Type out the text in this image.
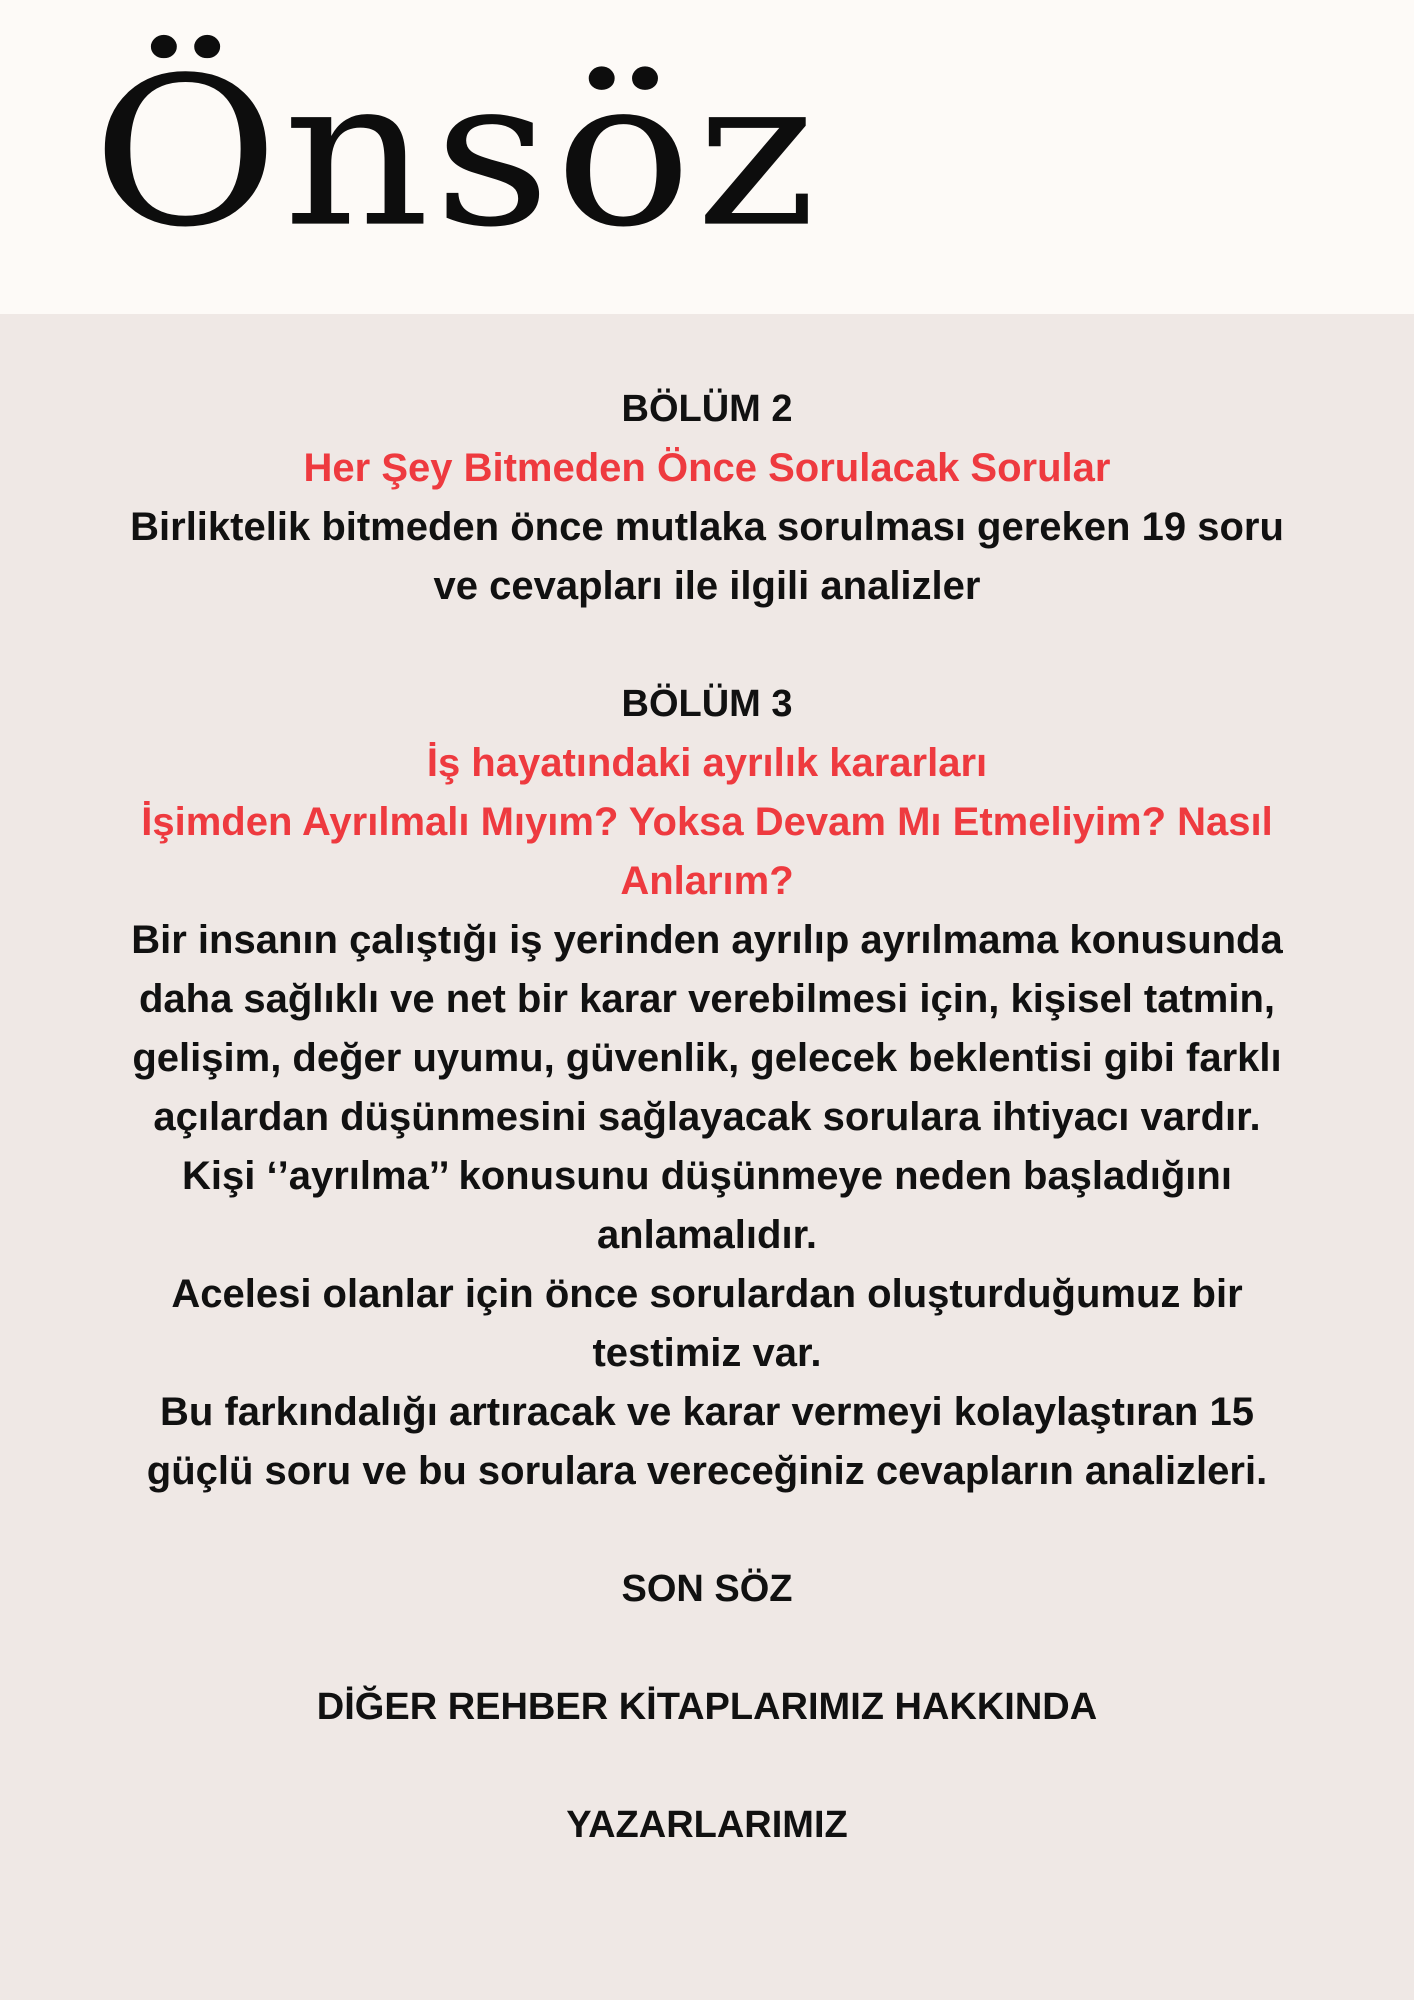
Önsöz

BÖLÜM 2

Her Şey Bitmeden Önce Sorulacak Sorular

Birliktelik bitmeden önce mutlaka sorulması gereken 19 soru

ve cevapları ile ilgili analizler

BÖLÜM 3

İş hayatındaki ayrılık kararları

İşimden Ayrılmalı Mıyım? Yoksa Devam Mı Etmeliyim? Nasıl

Anlarım?

Bir insanın çalıştığı iş yerinden ayrılıp ayrılmama konusunda

daha sağlıklı ve net bir karar verebilmesi için, kişisel tatmin,

gelişim, değer uyumu, güvenlik, gelecek beklentisi gibi farklı

açılardan düşünmesini sağlayacak sorulara ihtiyacı vardır.

Kişi ‘’ayrılma’’ konusunu düşünmeye neden başladığını

anlamalıdır.

Acelesi olanlar için önce sorulardan oluşturduğumuz bir

testimiz var.

Bu farkındalığı artıracak ve karar vermeyi kolaylaştıran 15

güçlü soru ve bu sorulara vereceğiniz cevapların analizleri.

SON SÖZ

DİĞER REHBER KİTAPLARIMIZ HAKKINDA

YAZARLARIMIZ
